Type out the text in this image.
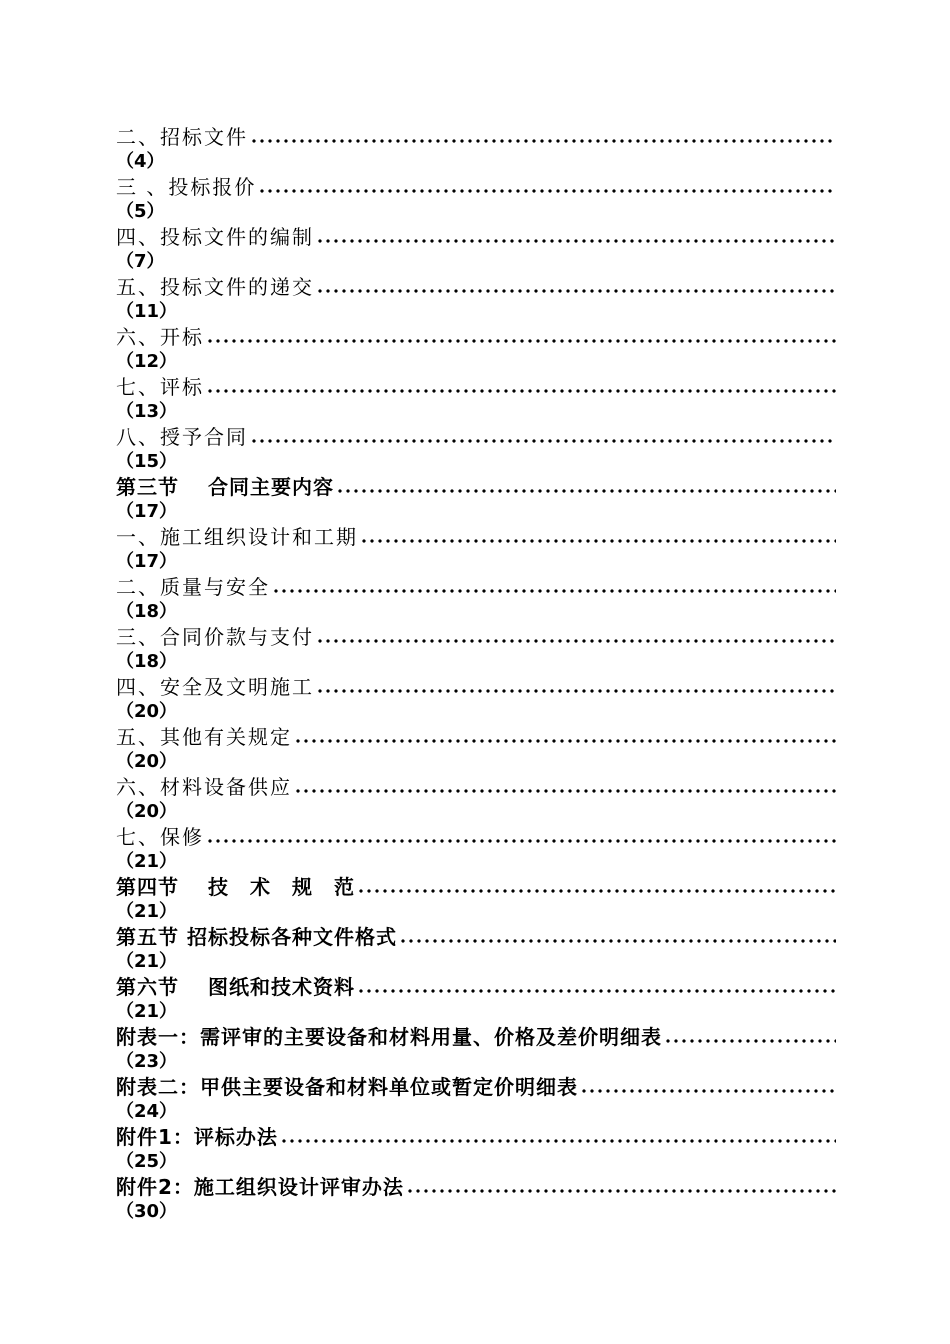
二、招标文件
（4）
三 、投标报价
（5）
四、投标文件的编制
（7）
五、投标文件的递交
（11）
六、开标
（12）
七、评标
（13）
八、授予合同
（15）
第三节　 合同主要内容
（17）
一、施工组织设计和工期
（17）
二、质量与安全
（18）
三、合同价款与支付
（18）
四、安全及文明施工
（20）
五、其他有关规定
（20）
六、材料设备供应
（20）
七、保修
（21）
第四节　 技　术　规　范
（21）
第五节 招标投标各种文件格式
（21）
第六节　 图纸和技术资料
（21）
附表一：需评审的主要设备和材料用量、价格及差价明细表
（23）
附表二：甲供主要设备和材料单位或暂定价明细表
（24）
附件1：评标办法
（25）
附件2：施工组织设计评审办法
（30）
